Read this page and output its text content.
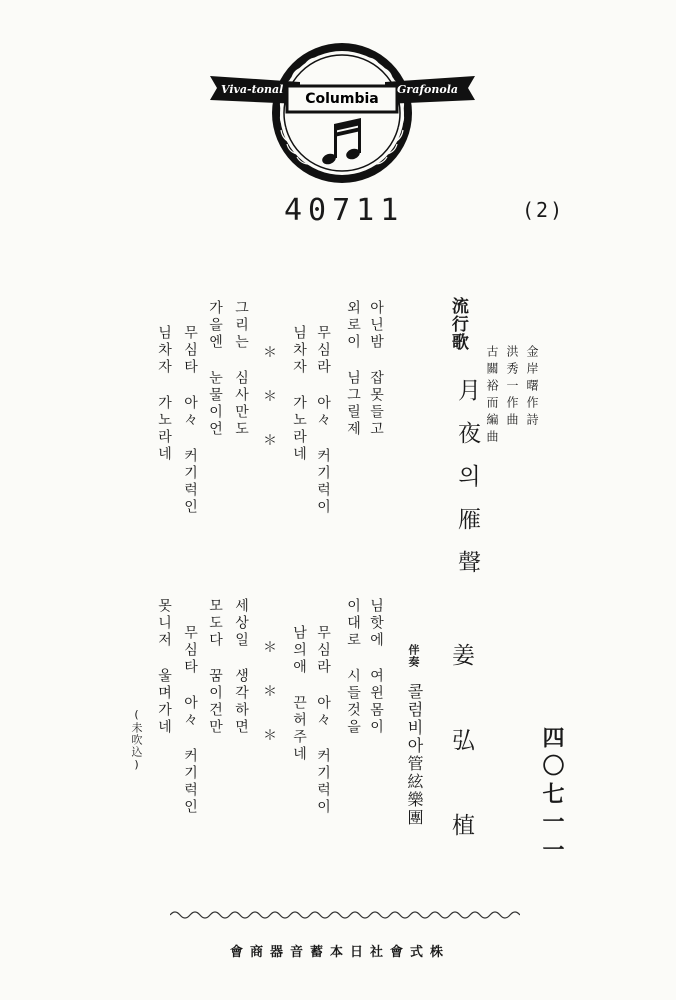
Viva-tonal
Columbia
Grafonola
40711	(2)
流行歌
月夜의雁聲	金岸曙作詩
洪秀一作曲
古關裕而編曲
姜弘植
伴奏
콜럼비아管絃樂團	四〇七一一
아닌밤 잡못들고
외로이 님그릴제
무심라 아々 커기럭이
님차자 가노라네
＊＊＊
그리는 심사만도
가을엔 눈물이언
무심타 아々 커기럭인
님차자 가노라네
님핫에 여윈몸이
이대로 시들것을
무심라 아々 커기럭이
남의애 끈허주네
＊＊＊
세상일 생각하면
모도다 꿈이건만
무심타 아々 커기럭인
못니저 울며가네
(未吹込)
株式會社日本蓄音器商會
